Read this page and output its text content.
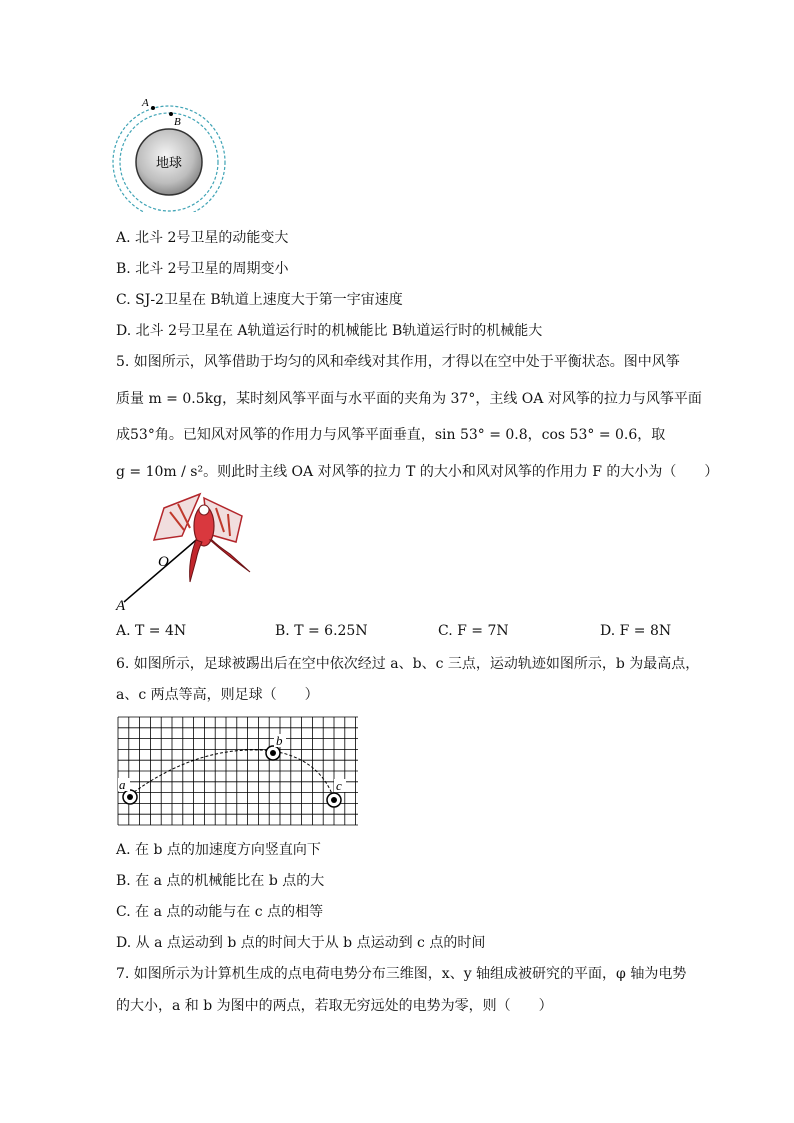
A
B
地球
A. 北斗 2号卫星的动能变大
B. 北斗 2号卫星的周期变小
C. SJ-2卫星在 B轨道上速度大于第一宇宙速度
D. 北斗 2号卫星在 A轨道运行时的机械能比 B轨道运行时的机械能大
5. 如图所示，风筝借助于均匀的风和牵线对其作用，才得以在空中处于平衡状态。图中风筝
质量 m = 0.5kg，某时刻风筝平面与水平面的夹角为 37°，主线 OA 对风筝的拉力与风筝平面
成53°角。已知风对风筝的作用力与风筝平面垂直，sin 53° = 0.8，cos 53° = 0.6，取
g = 10m / s²。则此时主线 OA 对风筝的拉力 T 的大小和风对风筝的作用力 F 的大小为（　　）
O
A
A. T = 4N	B. T = 6.25N	C. F = 7N	D. F = 8N
6. 如图所示，足球被踢出后在空中依次经过 a、b、c 三点，运动轨迹如图所示，b 为最高点，
a、c 两点等高，则足球（　　）
a
b
c
A. 在 b 点的加速度方向竖直向下
B. 在 a 点的机械能比在 b 点的大
C. 在 a 点的动能与在 c 点的相等
D. 从 a 点运动到 b 点的时间大于从 b 点运动到 c 点的时间
7. 如图所示为计算机生成的点电荷电势分布三维图，x、y 轴组成被研究的平面，φ 轴为电势
的大小，a 和 b 为图中的两点，若取无穷远处的电势为零，则（　　）
